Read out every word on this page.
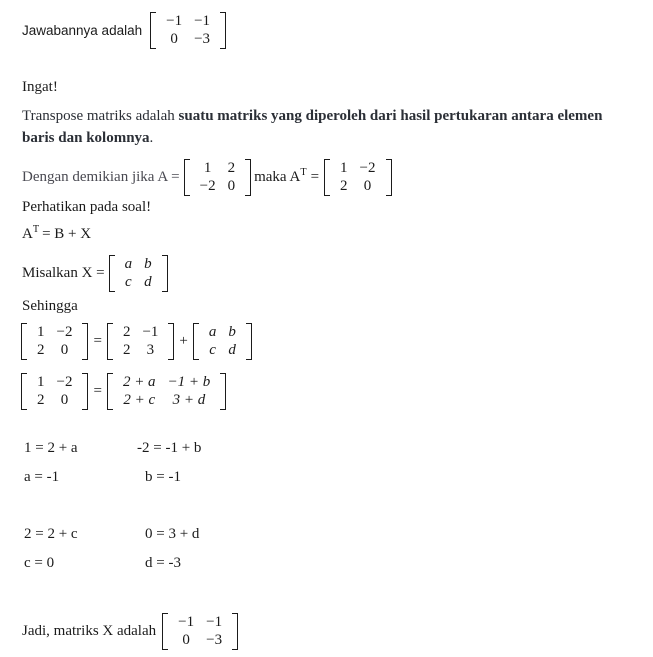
Jawabannya adalah
−1 −1
0	−3
Ingat!
Transpose matriks adalah suatu matriks yang diperoleh dari hasil pertukaran antara elemen baris dan kolomnya.
Dengan demikian jika A =
1	2
−2 0
maka $A^T$ =
1 −2
2	0
Perhatikan pada soal!
$A^T = B + X$
Misalkan X =
a b
c d
Sehingga
1 −2
2	0
=
2 −1
2	3
+
a b
c d
1 −2
2	0
=
2 + a −1 + b
2 + c	3 + d
1 = 2 + a	-2 = -1 + b
a = -1	b = -1
2 = 2 + c	0 = 3 + d
c = 0	d = -3
Jadi, matriks X adalah
−1 −1
0	−3
